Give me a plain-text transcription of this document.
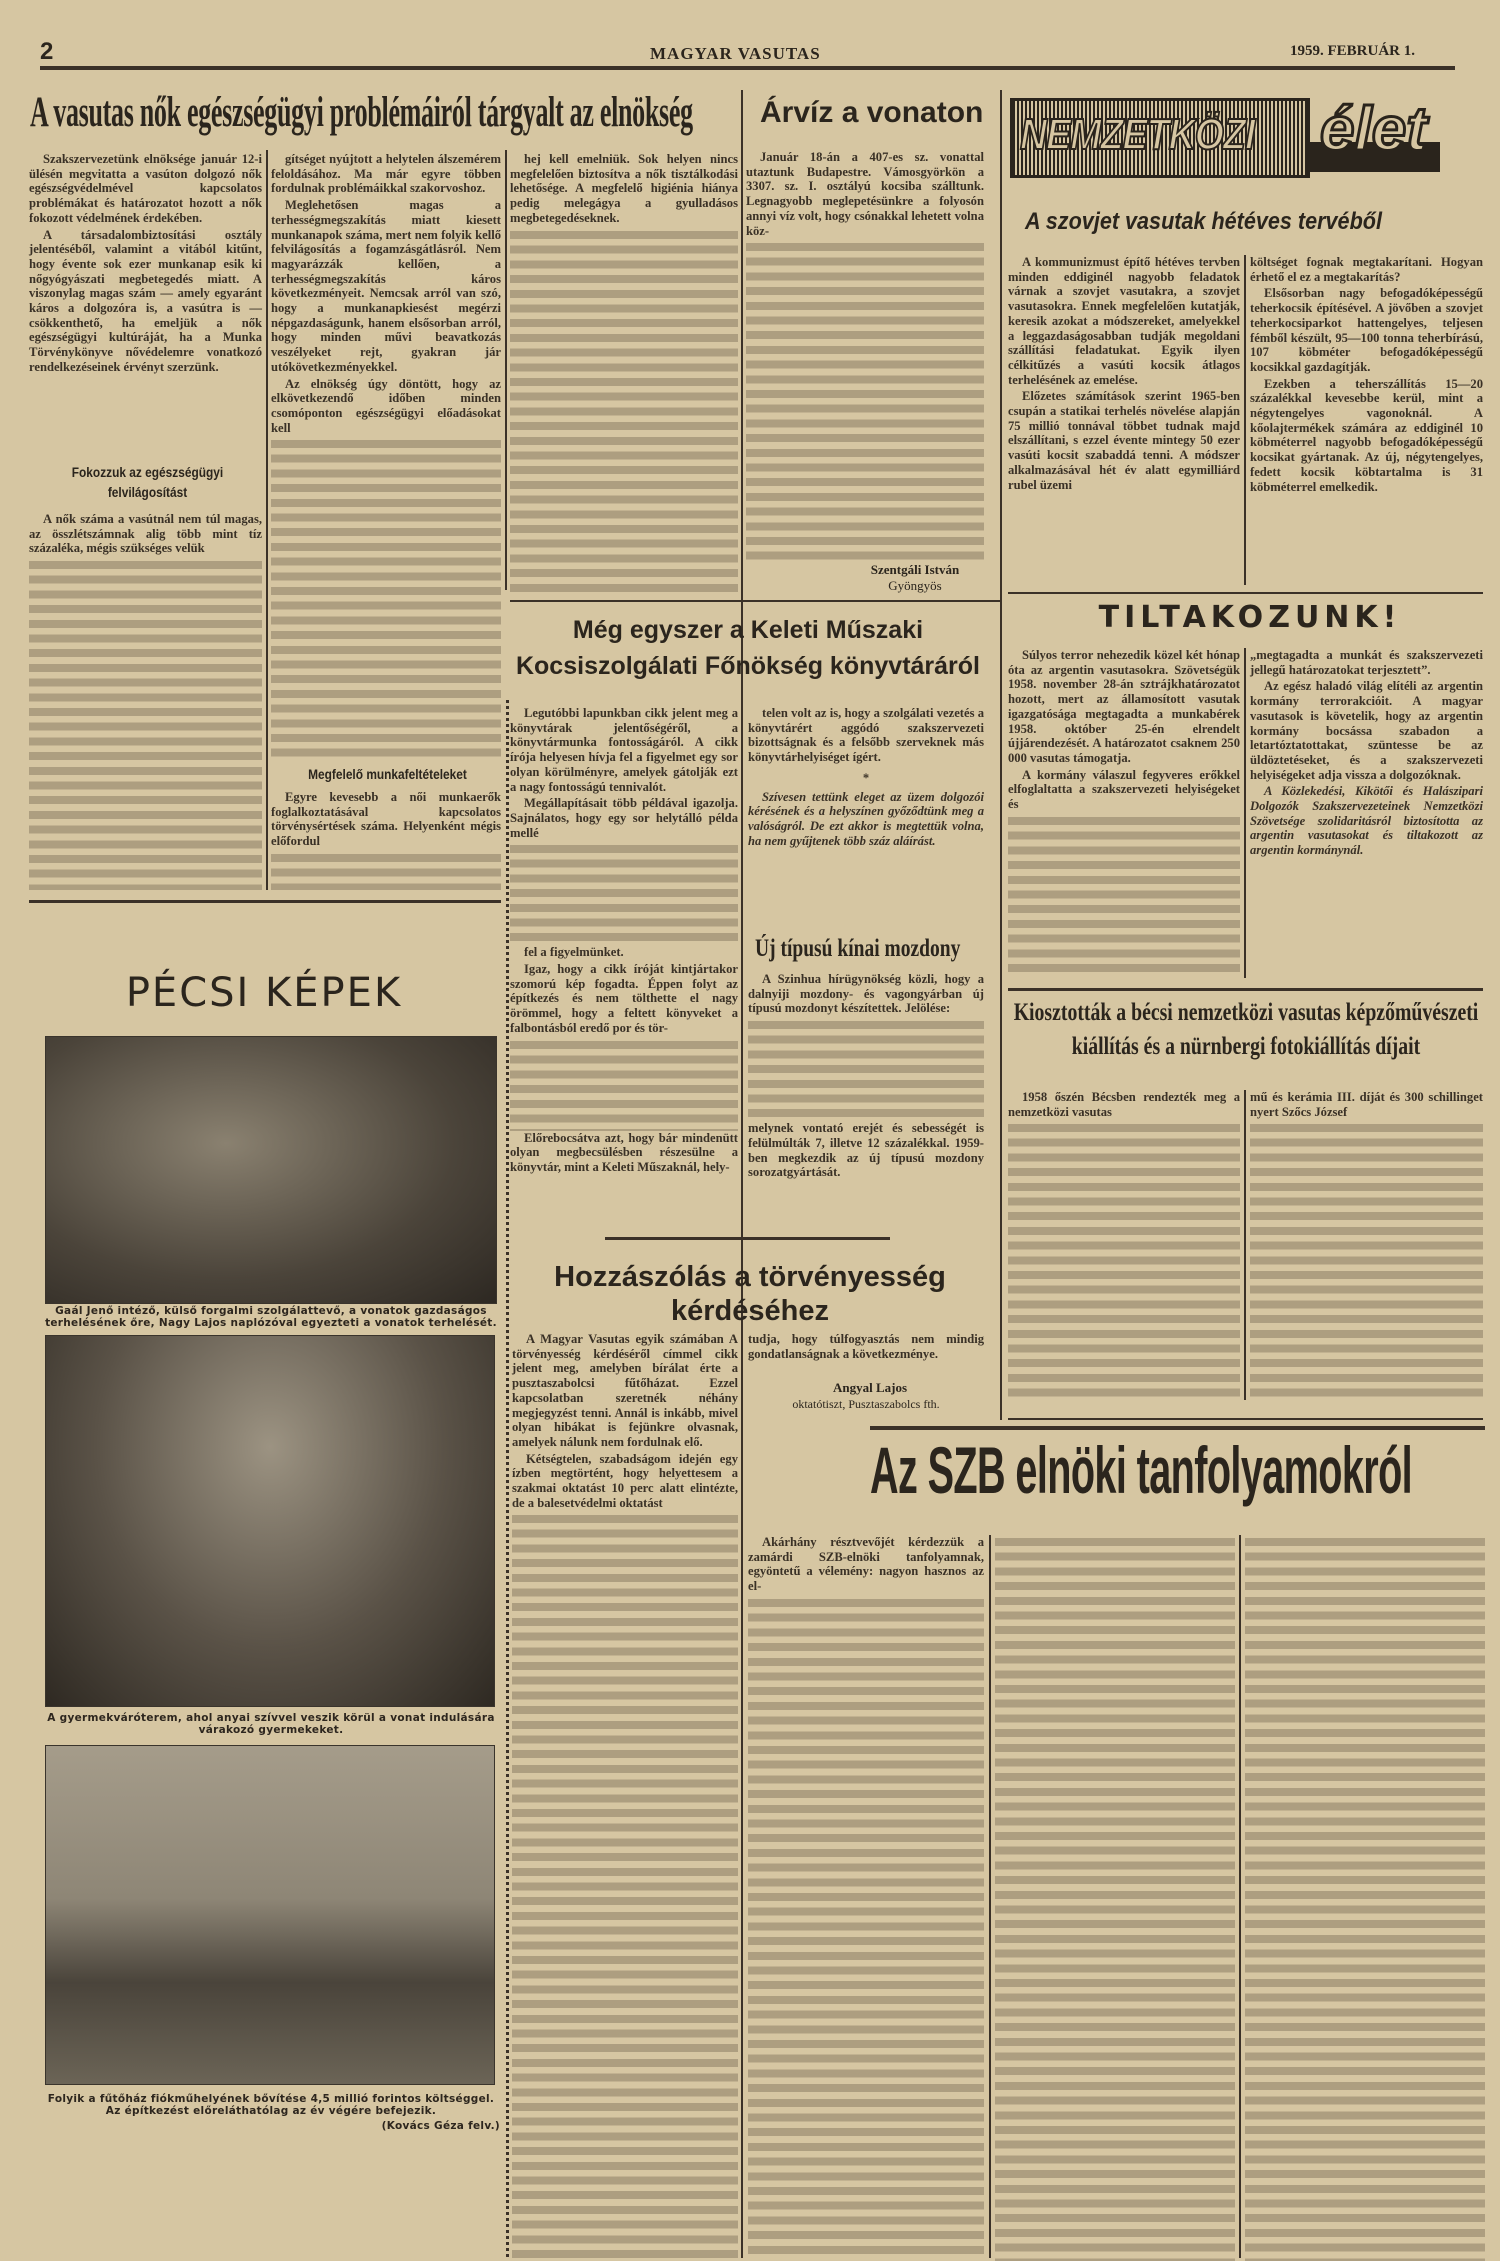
2	MAGYAR VASUTAS	1959. FEBRUÁR 1.
A vasutas nők egészségügyi problémáiról tárgyalt az elnökség

Szakszervezetünk elnöksége január 12-i ülésén megvitatta a vasúton dolgozó nők egészségvédelmével kapcsolatos problémákat és határozatot hozott a nők fokozott védelmének érdekében.

A társadalombiztosítási osztály jelentéséből, valamint a vitából kitűnt, hogy évente sok ezer munkanap esik ki nőgyógyászati megbetegedés miatt. A viszonylag magas szám — amely egyaránt káros a dolgozóra is, a vasútra is — csökkenthető, ha emeljük a nők egészségügyi kultúráját, ha a Munka Törvénykönyve nővédelemre vonatkozó rendelkezéseinek érvényt szerzünk.

Fokozzuk az egészségügyi felvilágosítást

A nők száma a vasútnál nem túl magas, az összlétszámnak alig több mint tíz százaléka, mégis szükséges velük

gítséget nyújtott a helytelen álszemérem feloldásához. Ma már egyre többen fordulnak problémáikkal szakorvoshoz.

Meglehetősen magas a terhességmegszakítás miatt kiesett munkanapok száma, mert nem folyik kellő felvilágosítás a fogamzásgátlásról. Nem magyarázzák kellően, a terhességmegszakítás káros következményeit. Nemcsak arról van szó, hogy a munkanapkiesést megérzi népgazdaságunk, hanem elsősorban arról, hogy minden művi beavatkozás veszélyeket rejt, gyakran jár utókövetkezményekkel.

Az elnökség úgy döntött, hogy az elkövetkezendő időben minden csomóponton egészségügyi előadásokat kell

Megfelelő munkafeltételeket

Egyre kevesebb a női munkaerők foglalkoztatásával kapcsolatos törvénysértések száma. Helyenként mégis előfordul

hej kell emelniük. Sok helyen nincs megfelelően biztosítva a nők tisztálkodási lehetősége. A megfelelő higiénia hiánya pedig melegágya a gyulladásos megbetegedéseknek.

Árvíz a vonaton

Január 18-án a 407-es sz. vonattal utaztunk Budapestre. Vámosgyörkön a 3307. sz. I. osztályú kocsiba szálltunk. Legnagyobb meglepetésünkre a folyosón annyi víz volt, hogy csónakkal lehetett volna köz-

Szentgáli István
Gyöngyös
Még egyszer a Keleti Műszaki
Kocsiszolgálati Főnökség könyvtáráról

Legutóbbi lapunkban cikk jelent meg a könyvtárak jelentőségéről, a könyvtármunka fontosságáról. A cikk írója helyesen hívja fel a figyelmet egy sor olyan körülményre, amelyek gátolják ezt a nagy fontosságú tennivalót.

Megállapításait több példával igazolja. Sajnálatos, hogy egy sor helytálló példa mellé

fel a figyelmünket.

Igaz, hogy a cikk íróját kintjártakor szomorú kép fogadta. Éppen folyt az építkezés és nem tölthette el nagy örömmel, hogy a feltett könyveket a falbontásból eredő por és tör-

Előrebocsátva azt, hogy bár mindenütt olyan megbecsülésben részesülne a könyvtár, mint a Keleti Műszaknál, hely-

telen volt az is, hogy a szolgálati vezetés a könyvtárért aggódó szakszervezeti bizottságnak és a felsőbb szerveknek más könyvtárhelyiséget ígért.

*

Szívesen tettünk eleget az üzem dolgozói kérésének és a helyszínen győződtünk meg a valóságról. De ezt akkor is megtettük volna, ha nem gyűjtenek több száz aláírást.

Új típusú kínai mozdony

A Szinhua hírügynökség közli, hogy a dalnyiji mozdony- és vagongyárban új típusú mozdonyt készítettek. Jelölése:

melynek vontató erejét és sebességét is felülmúlták 7, illetve 12 százalékkal. 1959-ben megkezdik az új típusú mozdony sorozatgyártását.

Hozzászólás a törvényesség kérdéséhez

A Magyar Vasutas egyik számában A törvényesség kérdéséről címmel cikk jelent meg, amelyben bírálat érte a pusztaszabolcsi fűtőházat. Ezzel kapcsolatban szeretnék néhány megjegyzést tenni. Annál is inkább, mivel olyan hibákat is fejünkre olvasnak, amelyek nálunk nem fordulnak elő.

Kétségtelen, szabadságom idején egy ízben megtörtént, hogy helyettesem a szakmai oktatást 10 perc alatt elintézte, de a balesetvédelmi oktatást

tudja, hogy túlfogyasztás nem mindig gondatlanságnak a következménye.

Angyal Lajos
oktatótiszt, Pusztaszabolcs fth.
Az SZB elnöki tanfolyamokról

Akárhány résztvevőjét kérdezzük a zamárdi SZB-elnöki tanfolyamnak, egyöntetű a vélemény: nagyon hasznos az el-

NEMZETKÖZI élet
A szovjet vasutak hétéves tervéből

A kommunizmust építő hétéves tervben minden eddiginél nagyobb feladatok várnak a szovjet vasutakra, a szovjet vasutasokra. Ennek megfelelően kutatják, keresik azokat a módszereket, amelyekkel a leggazdaságosabban tudják megoldani szállítási feladatukat. Egyik ilyen célkitűzés a vasúti kocsik átlagos terhelésének az emelése.

Előzetes számítások szerint 1965-ben csupán a statikai terhelés növelése alapján 75 millió tonnával többet tudnak majd elszállítani, s ezzel évente mintegy 50 ezer vasúti kocsit szabaddá tenni. A módszer alkalmazásával hét év alatt egymilliárd rubel üzemi

költséget fognak megtakarítani. Hogyan érhető el ez a megtakarítás?

Elsősorban nagy befogadóképességű teherkocsik építésével. A jövőben a szovjet teherkocsiparkot hattengelyes, teljesen fémből készült, 95—100 tonna teherbírású, 107 köbméter befogadóképességű kocsikkal gazdagítják.

Ezekben a teherszállítás 15—20 százalékkal kevesebbe kerül, mint a négytengelyes vagonoknál. A kőolajtermékek számára az eddiginél 10 köbméterrel nagyobb befogadóképességű kocsikat gyártanak. Az új, négytengelyes, fedett kocsik köbtartalma is 31 köbméterrel emelkedik.

TILTAKOZUNK!

Súlyos terror nehezedik közel két hónap óta az argentin vasutasokra. Szövetségük 1958. november 28-án sztrájkhatározatot hozott, mert az államosított vasutak igazgatósága megtagadta a munkabérek 1958. október 25-én elrendelt újjárendezését. A határozatot csaknem 250 000 vasutas támogatja.

A kormány válaszul fegyveres erőkkel elfoglaltatta a szakszervezeti helyiségeket és

„megtagadta a munkát és szakszervezeti jellegű határozatokat terjesztett”.

Az egész haladó világ elítéli az argentin kormány terrorakcióit. A magyar vasutasok is követelik, hogy az argentin kormány bocsássa szabadon a letartóztatottakat, szüntesse be az üldöztetéseket, és a szakszervezeti helyiségeket adja vissza a dolgozóknak.

A Közlekedési, Kikötői és Halászipari Dolgozók Szakszervezeteinek Nemzetközi Szövetsége szolidaritásról biztosította az argentin vasutasokat és tiltakozott az argentin kormánynál.

Kiosztották a bécsi nemzetközi vasutas képzőművészeti kiállítás és a nürnbergi fotokiállítás díjait

1958 őszén Bécsben rendezték meg a nemzetközi vasutas

mű és kerámia III. díját és 300 schillinget nyert Szőcs József

PÉCSI KÉPEK
Gaál Jenő intéző, külső forgalmi szolgálattevő, a vonatok gazdaságos terhelésének őre, Nagy Lajos naplózóval egyezteti a vonatok terhelését.
A gyermekváróterem, ahol anyai szívvel veszik körül a vonat indulására várakozó gyermekeket.
Folyik a fűtőház fiókműhelyének bővítése 4,5 millió forintos költséggel. Az építkezést előreláthatólag az év végére befejezik.
(Kovács Géza felv.)
